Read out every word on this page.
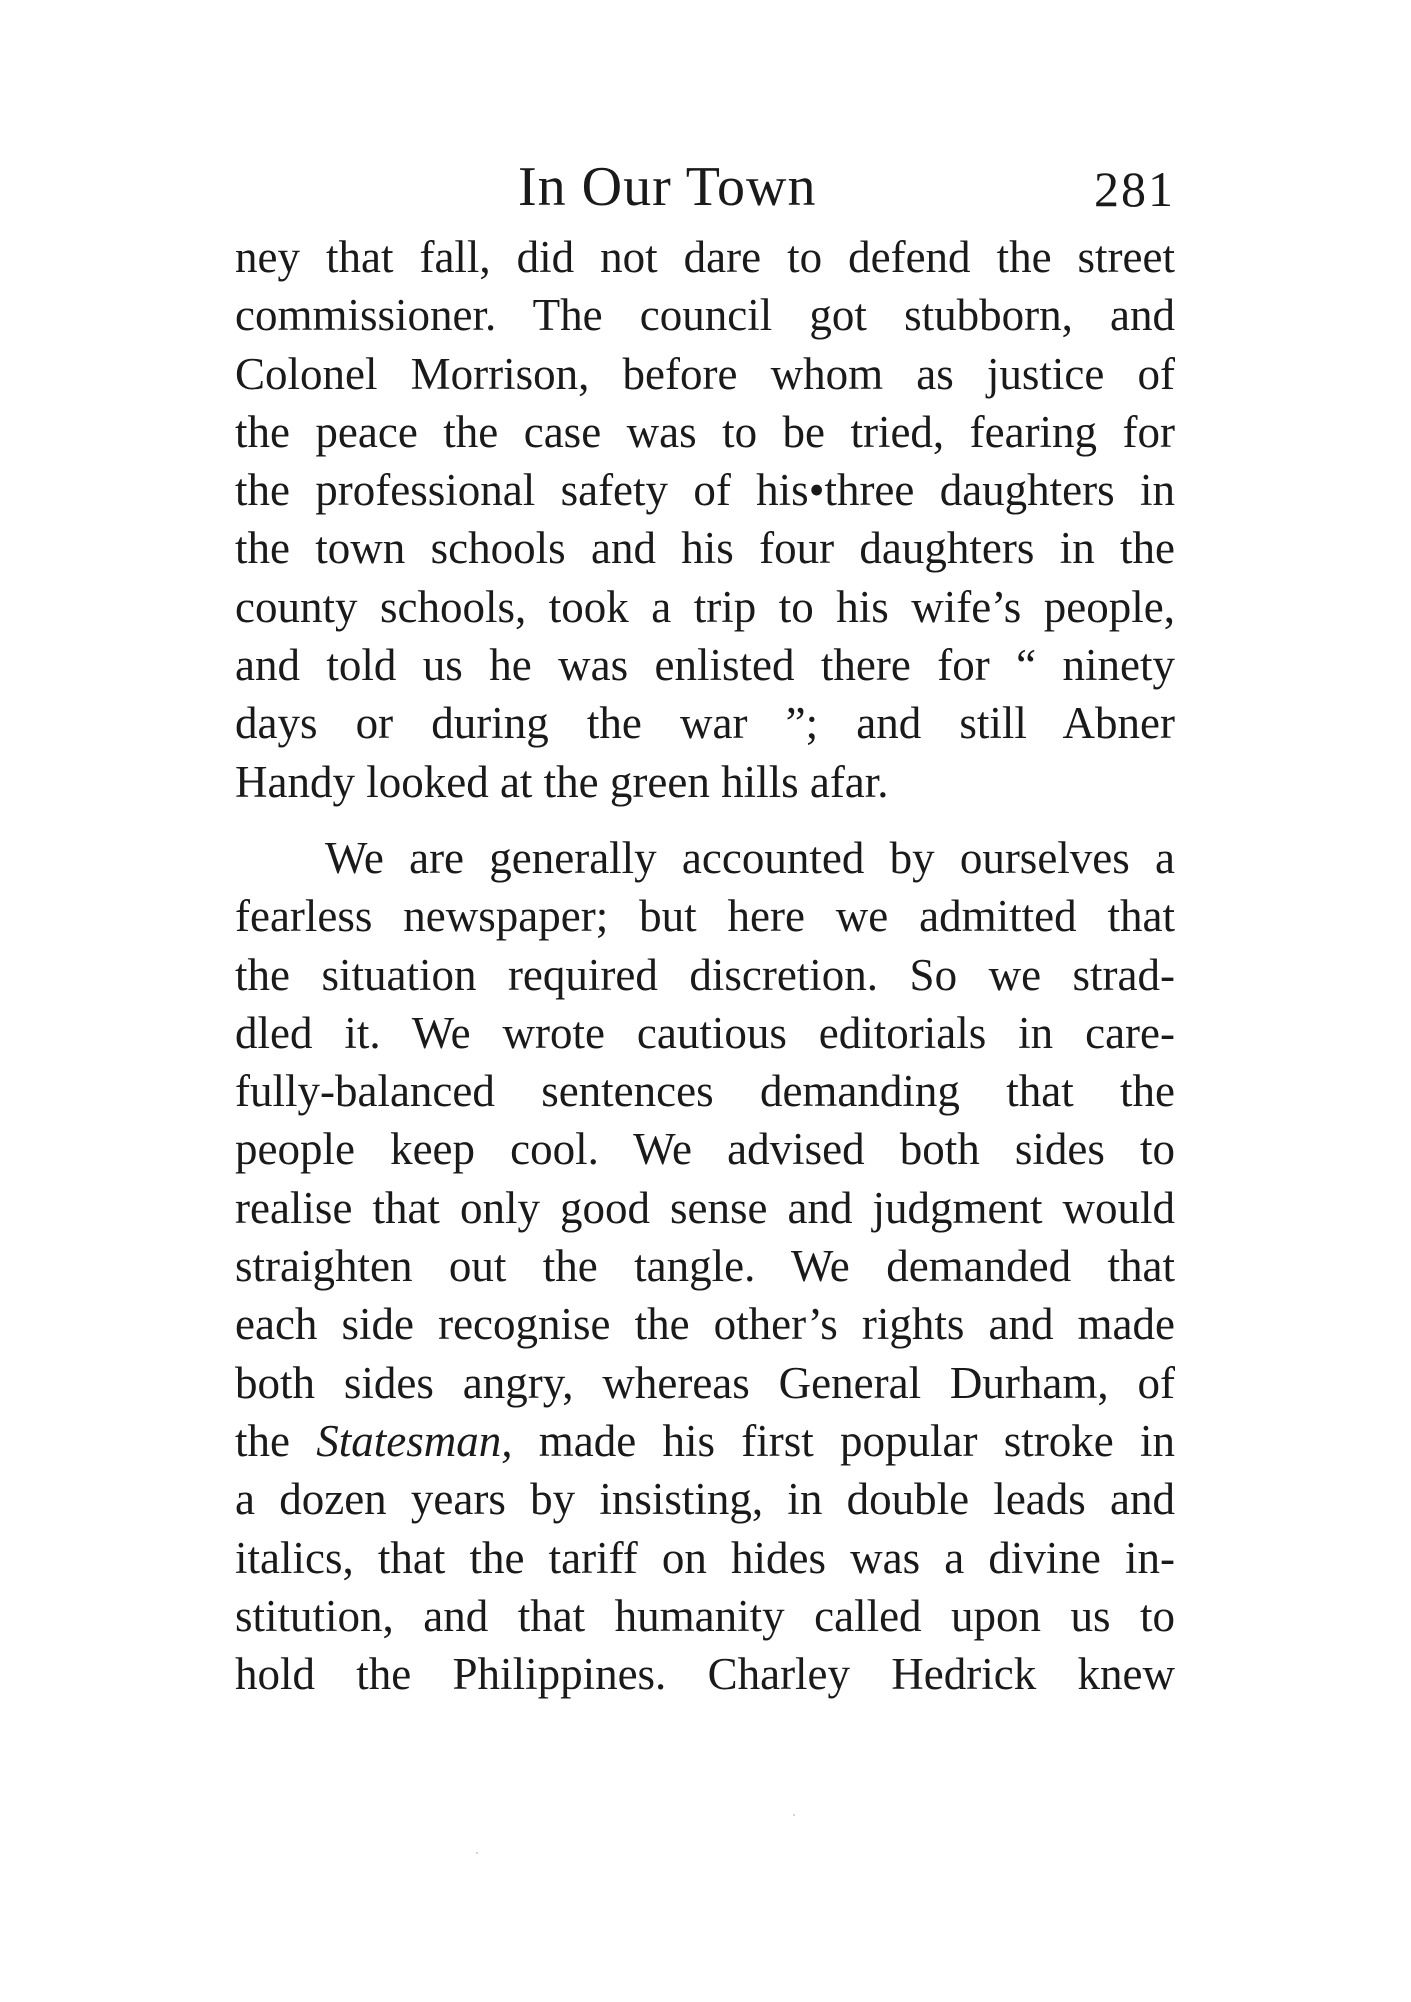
In Our Town	281
ney that fall, did not dare to defend the street
commissioner. The council got stubborn, and
Colonel Morrison, before whom as justice of
the peace the case was to be tried, fearing for
the professional safety of his•three daughters in
the town schools and his four daughters in the
county schools, took a trip to his wife’s people,
and told us he was enlisted there for “ ninety
days or during the war ”; and still Abner
Handy looked at the green hills afar.
We are generally accounted by ourselves a
fearless newspaper; but here we admitted that
the situation required discretion. So we strad-
dled it. We wrote cautious editorials in care-
fully-balanced sentences demanding that the
people keep cool. We advised both sides to
realise that only good sense and judgment would
straighten out the tangle. We demanded that
each side recognise the other’s rights and made
both sides angry, whereas General Durham, of
the Statesman, made his first popular stroke in
a dozen years by insisting, in double leads and
italics, that the tariff on hides was a divine in-
stitution, and that humanity called upon us to
hold the Philippines. Charley Hedrick knew
